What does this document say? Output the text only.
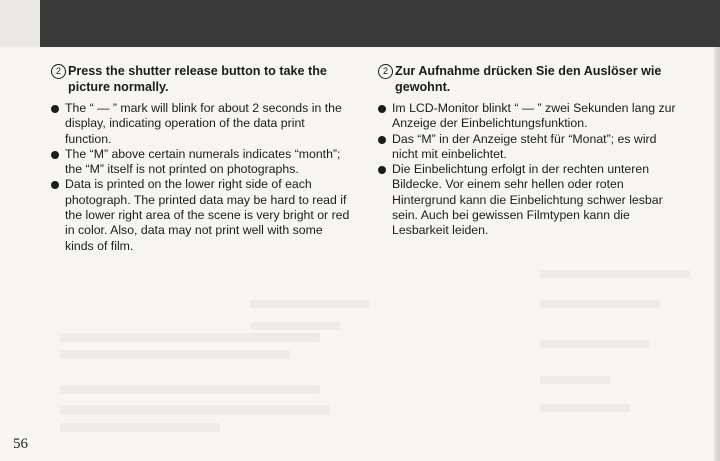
2 Press the shutter release button to take the picture normally.
The “ — ” mark will blink for about 2 seconds in the display, indicating operation of the data print function.
The “M” above certain numerals indicates “month”; the “M” itself is not printed on photographs.
Data is printed on the lower right side of each photograph. The printed data may be hard to read if the lower right area of the scene is very bright or red in color. Also, data may not print well with some kinds of film.
2 Zur Aufnahme drücken Sie den Auslöser wie gewohnt.
Im LCD-Monitor blinkt “ — ” zwei Sekunden lang zur Anzeige der Einbelichtungsfunktion.
Das “M” in der Anzeige steht für “Monat”; es wird nicht mit einbelichtet.
Die Einbelichtung erfolgt in der rechten unteren Bildecke. Vor einem sehr hellen oder roten Hintergrund kann die Einbelichtung schwer lesbar sein. Auch bei gewissen Filmtypen kann die Lesbarkeit leiden.
56
